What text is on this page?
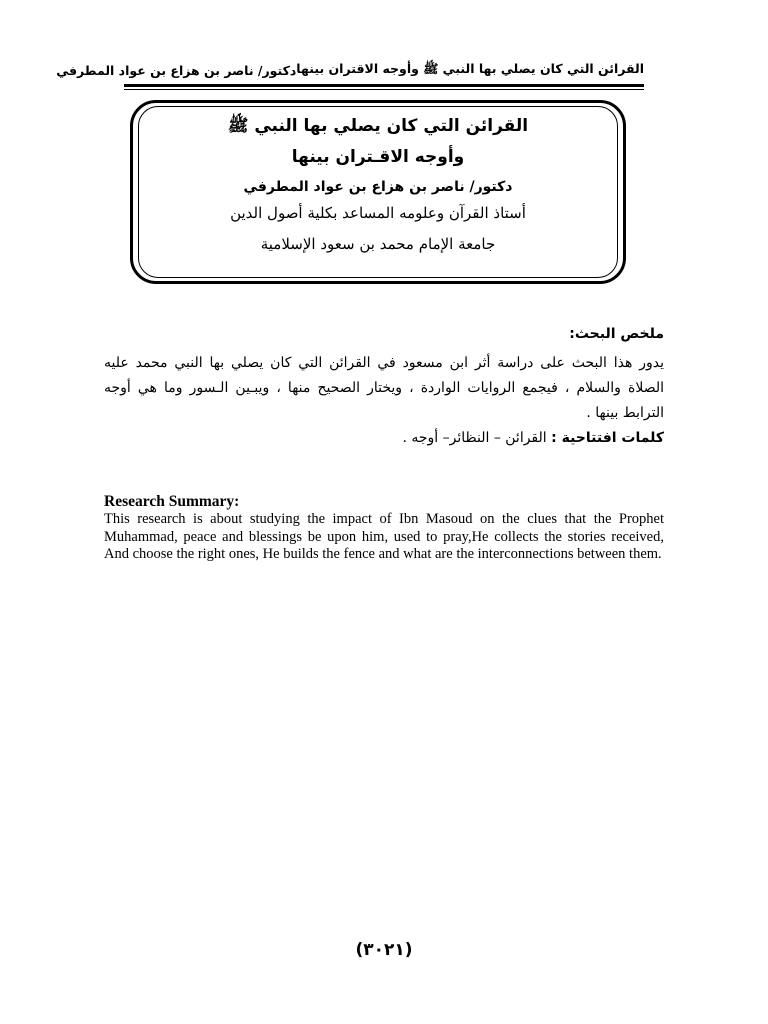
القرائن التي كان يصلي بها النبي ﷺ وأوجه الاقتران بينها
دكتور/ ناصر بن هزاع بن عواد المطرفي
القرائن التي كان يصلي بها النبي ﷺ
وأوجه الاقـتران بينها
دكتور/ ناصر بن هزاع بن عواد المطرفي
أستاذ القرآن وعلومه المساعد بكلية أصول الدين
جامعة الإمام محمد بن سعود الإسلامية
ملخص البحث:
يدور هذا البحث على دراسة أثر ابن مسعود في القرائن التي كان يصلي بها النبي محمد عليه الصلاة والسلام ، فيجمع الروايات الواردة ، ويختار الصحيح منها ، ويبـين الـسور وما هي أوجه الترابط بينها .
كلمات افتتاحية : القرائن – النظائر– أوجه .
Research Summary:
This research is about studying the impact of Ibn Masoud on the clues that the Prophet Muhammad, peace and blessings be upon him, used to pray,He collects the stories received, And choose the right ones, He builds the fence and what are the interconnections between them.
(٣٠٢١)
